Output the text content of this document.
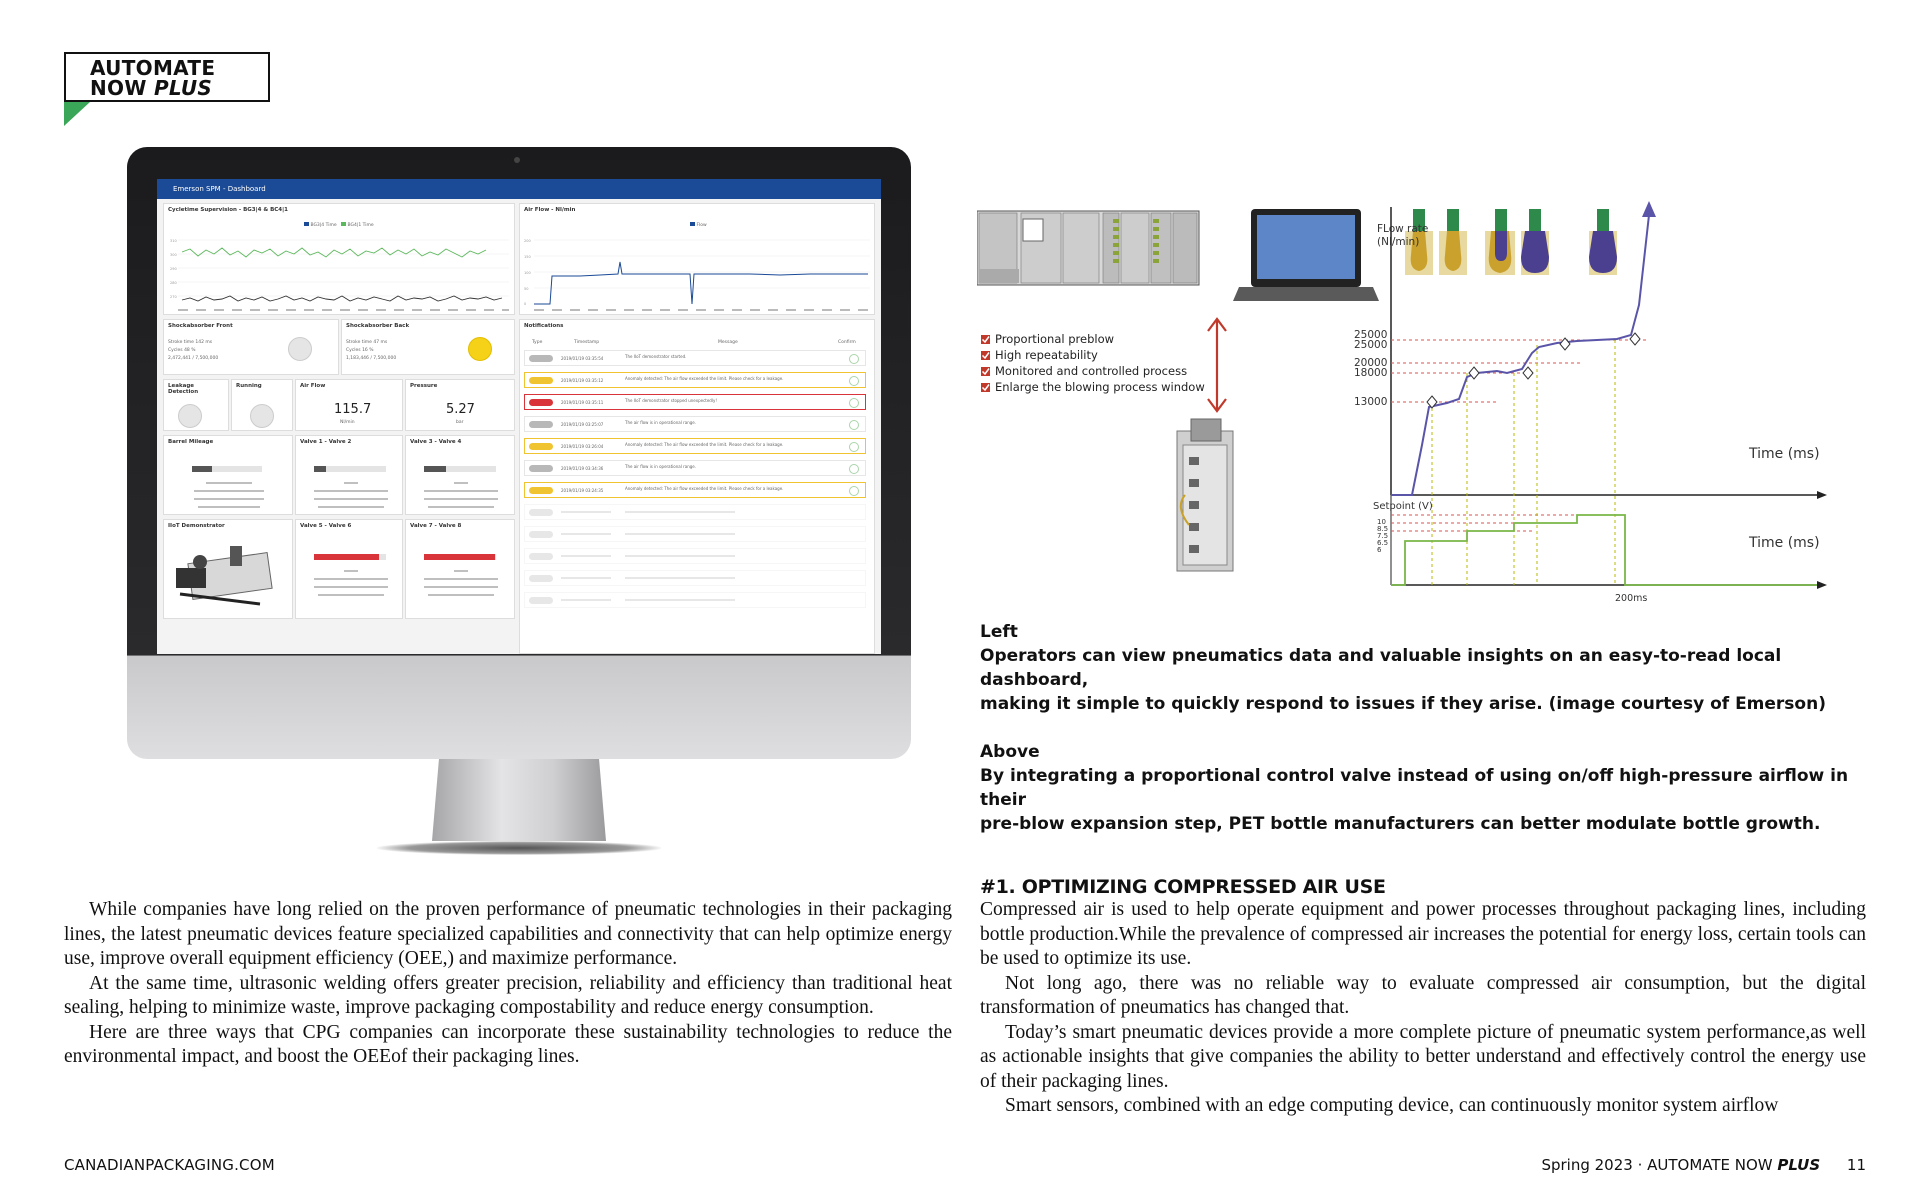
AUTOMATE
NOW PLUS
Emerson SPM - Dashboard
Cycletime Supervision - BG3|4 & BC4|1
BG3|4 Time BG4|1 Time
310
300
290
280
270
Air Flow - Nl/min
Flow
200
150
100
50
0
Shockabsorber Front
Stroke time 142 ms
Cycles 48 %
2,472,441 / 7,500,000
Shockabsorber Back
Stroke time 47 ms
Cycles 16 %
1,183,446 / 7,500,000
Leakage Detection
Running	Air Flow
115.7
Nl/min
Pressure
5.27
bar
Barrel Mileage	Valve 1 - Valve 2	Valve 3 - Valve 4
IIoT Demonstrator	Valve 5 - Valve 6	Valve 7 - Valve 8
Notifications
Type	Timestamp	Message	Confirm
2019/01/19 03:35:54	The IIoT demonstrator started.
2019/01/19 03:35:12	Anomaly detected: The air flow exceeded the limit. Please check for a leakage.
2019/01/19 03:35:11	The IIoT demonstrator stopped unexpectedly!
2019/01/19 03:25:07	The air flow is in operational range.
2019/01/19 03:26:04	Anomaly detected: The air flow exceeded the limit. Please check for a leakage.
2019/01/19 03:34:36	The air flow is in operational range.
2019/01/19 03:24:35	Anomaly detected: The air flow exceeded the limit. Please check for a leakage.
Proportional preblow
High repeatability
Monitored and controlled process
Enlarge the blowing process window
FLow rate
(Nl/min)
25000
25000
20000
18000
13000
Time (ms)
Time (ms)
Setpoint (V)
10
8.5
7.5
6.5
6
200ms
Left
Operators can view pneumatics data and valuable insights on an easy-to-read local dashboard,
making it simple to quickly respond to issues if they arise. (image courtesy of Emerson)
Above
By integrating a proportional control valve instead of using on/off high-pressure airflow in their
pre-blow expansion step, PET bottle manufacturers can better modulate bottle growth.

While companies have long relied on the proven performance of pneumatic technologies in their packaging lines, the latest pneumatic devices feature specialized capabilities and connectivity that can help optimize energy use, improve overall equipment efficiency (OEE,) and maximize performance.

At the same time, ultrasonic welding offers greater precision, reliability and efficiency than traditional heat sealing, helping to minimize waste, improve packaging compostability and reduce energy consumption.

Here are three ways that CPG companies can incorporate these sustainability technologies to reduce the environmental impact, and boost the OEEof their packaging lines.

#1. OPTIMIZING COMPRESSED AIR USE

Compressed air is used to help operate equipment and power processes throughout packaging lines, including bottle production.While the prevalence of compressed air increases the potential for energy loss, certain tools can be used to optimize its use.

Not long ago, there was no reliable way to evaluate compressed air consumption, but the digital transformation of pneumatics has changed that.

Today’s smart pneumatic devices provide a more complete picture of pneumatic system performance,as well as actionable insights that give companies the ability to better understand and effectively control the energy use of their packaging lines.

Smart sensors, combined with an edge computing device, can continuously monitor system airflow

CANADIANPACKAGING.COM	Spring 2023 · AUTOMATE NOW PLUS 11
